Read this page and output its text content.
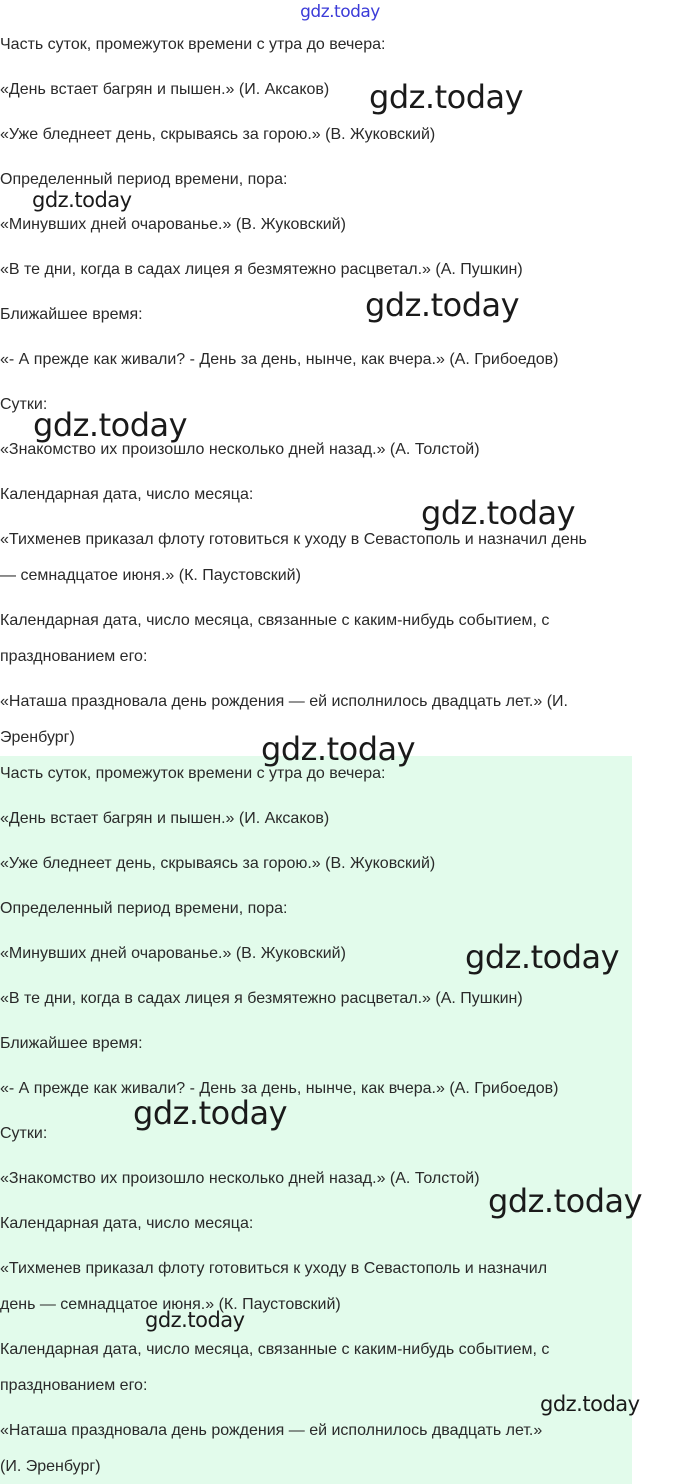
gdz.today
Часть суток, промежуток времени с утра до вечера:
«День встает багрян и пышен.» (И. Аксаков)
«Уже бледнеет день, скрываясь за горою.» (В. Жуковский)
Определенный период времени, пора:
«Минувших дней очарованье.» (В. Жуковский)
«В те дни, когда в садах лицея я безмятежно расцветал.» (А. Пушкин)
Ближайшее время:
«- А прежде как живали? - День за день, нынче, как вчера.» (А. Грибоедов)
Сутки:
«Знакомство их произошло несколько дней назад.» (А. Толстой)
Календарная дата, число месяца:
«Тихменев приказал флоту готовиться к уходу в Севастополь и назначил день
— семнадцатое июня.» (К. Паустовский)
Календарная дата, число месяца, связанные с каким-нибудь событием, с
празднованием его:
«Наташа праздновала день рождения — ей исполнилось двадцать лет.» (И.
Эренбург)
Часть суток, промежуток времени с утра до вечера:
«День встает багрян и пышен.» (И. Аксаков)
«Уже бледнеет день, скрываясь за горою.» (В. Жуковский)
Определенный период времени, пора:
«Минувших дней очарованье.» (В. Жуковский)
«В те дни, когда в садах лицея я безмятежно расцветал.» (А. Пушкин)
Ближайшее время:
«- А прежде как живали? - День за день, нынче, как вчера.» (А. Грибоедов)
Сутки:
«Знакомство их произошло несколько дней назад.» (А. Толстой)
Календарная дата, число месяца:
«Тихменев приказал флоту готовиться к уходу в Севастополь и назначил
день — семнадцатое июня.» (К. Паустовский)
Календарная дата, число месяца, связанные с каким-нибудь событием, с
празднованием его:
«Наташа праздновала день рождения — ей исполнилось двадцать лет.»
(И. Эренбург)
gdz.today
gdz.today
gdz.today
gdz.today
gdz.today
gdz.today
gdz.today
gdz.today
gdz.today
gdz.today
gdz.today
